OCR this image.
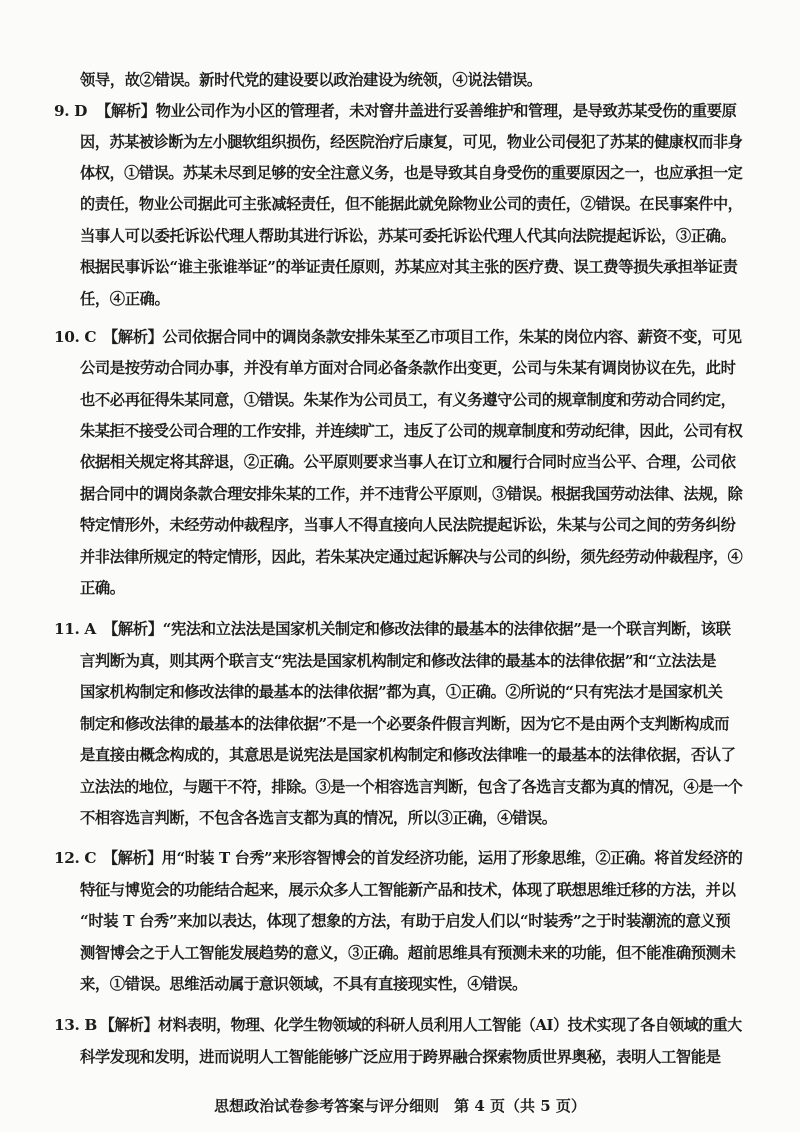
领导，故②错误。新时代党的建设要以政治建设为统领，④说法错误。
9. D 【解析】物业公司作为小区的管理者，未对窨井盖进行妥善维护和管理，是导致苏某受伤的重要原
因，苏某被诊断为左小腿软组织损伤，经医院治疗后康复，可见，物业公司侵犯了苏某的健康权而非身
体权，①错误。苏某未尽到足够的安全注意义务，也是导致其自身受伤的重要原因之一，也应承担一定
的责任，物业公司据此可主张减轻责任，但不能据此就免除物业公司的责任，②错误。在民事案件中，
当事人可以委托诉讼代理人帮助其进行诉讼，苏某可委托诉讼代理人代其向法院提起诉讼，③正确。
根据民事诉讼“谁主张谁举证”的举证责任原则，苏某应对其主张的医疗费、误工费等损失承担举证责
任，④正确。
10. C 【解析】公司依据合同中的调岗条款安排朱某至乙市项目工作，朱某的岗位内容、薪资不变，可见
公司是按劳动合同办事，并没有单方面对合同必备条款作出变更，公司与朱某有调岗协议在先，此时
也不必再征得朱某同意，①错误。朱某作为公司员工，有义务遵守公司的规章制度和劳动合同约定，
朱某拒不接受公司合理的工作安排，并连续旷工，违反了公司的规章制度和劳动纪律，因此，公司有权
依据相关规定将其辞退，②正确。公平原则要求当事人在订立和履行合同时应当公平、合理，公司依
据合同中的调岗条款合理安排朱某的工作，并不违背公平原则，③错误。根据我国劳动法律、法规，除
特定情形外，未经劳动仲裁程序，当事人不得直接向人民法院提起诉讼，朱某与公司之间的劳务纠纷
并非法律所规定的特定情形，因此，若朱某决定通过起诉解决与公司的纠纷，须先经劳动仲裁程序，④
正确。
11. A 【解析】“宪法和立法法是国家机关制定和修改法律的最基本的法律依据”是一个联言判断，该联
言判断为真，则其两个联言支“宪法是国家机构制定和修改法律的最基本的法律依据”和“立法法是
国家机构制定和修改法律的最基本的法律依据”都为真，①正确。②所说的“只有宪法才是国家机关
制定和修改法律的最基本的法律依据”不是一个必要条件假言判断，因为它不是由两个支判断构成而
是直接由概念构成的，其意思是说宪法是国家机构制定和修改法律唯一的最基本的法律依据，否认了
立法法的地位，与题干不符，排除。③是一个相容选言判断，包含了各选言支都为真的情况，④是一个
不相容选言判断，不包含各选言支都为真的情况，所以③正确，④错误。
12. C 【解析】用“时装 T 台秀”来形容智博会的首发经济功能，运用了形象思维，②正确。将首发经济的
特征与博览会的功能结合起来，展示众多人工智能新产品和技术，体现了联想思维迁移的方法，并以
“时装 T 台秀”来加以表达，体现了想象的方法，有助于启发人们以“时装秀”之于时装潮流的意义预
测智博会之于人工智能发展趋势的意义，③正确。超前思维具有预测未来的功能，但不能准确预测未
来，①错误。思维活动属于意识领域，不具有直接现实性，④错误。
13. B 【解析】材料表明，物理、化学生物领域的科研人员利用人工智能（AI）技术实现了各自领域的重大
科学发现和发明，进而说明人工智能能够广泛应用于跨界融合探索物质世界奥秘，表明人工智能是
思想政治试卷参考答案与评分细则　第 4 页（共 5 页）
